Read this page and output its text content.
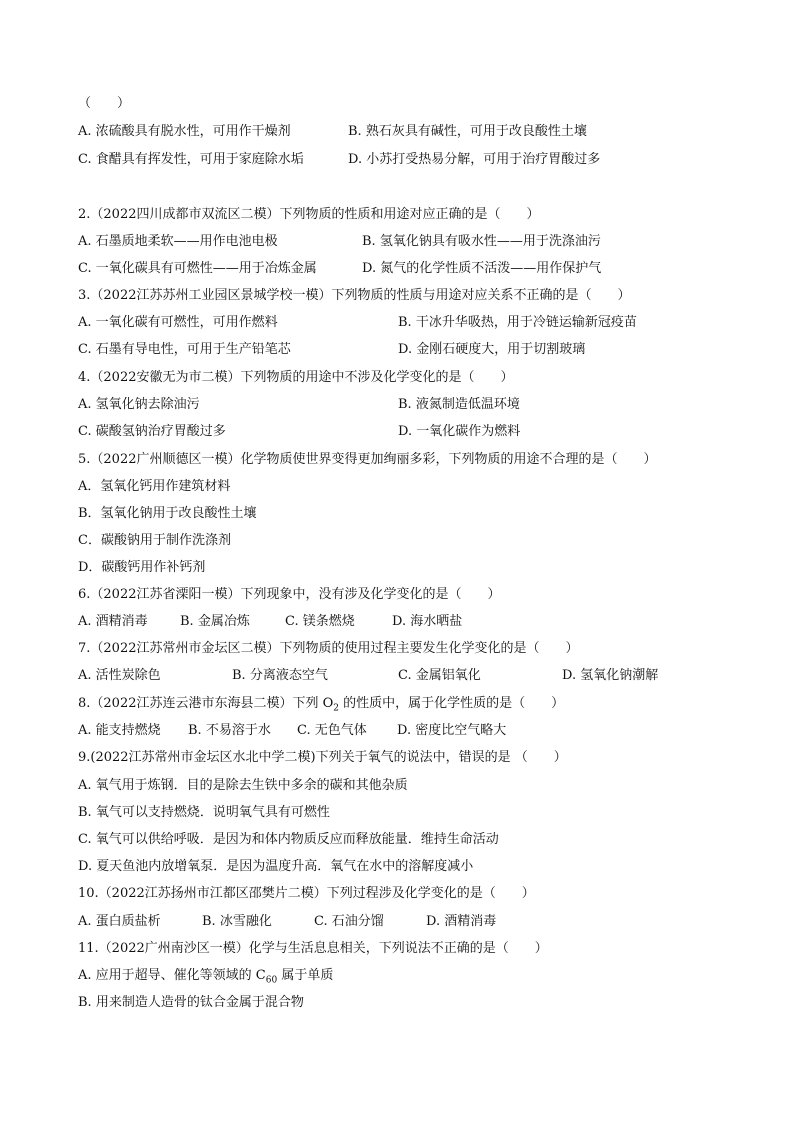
（　　）
A. 浓硫酸具有脱水性，可用作干燥剂	B. 熟石灰具有碱性，可用于改良酸性土壤
C. 食醋具有挥发性，可用于家庭除水垢	D. 小苏打受热易分解，可用于治疗胃酸过多
2.（2022四川成都市双流区二模）下列物质的性质和用途对应正确的是（　　）
A. 石墨质地柔软——用作电池电极	B. 氢氧化钠具有吸水性——用于洗涤油污
C. 一氧化碳具有可燃性——用于冶炼金属	D. 氮气的化学性质不活泼——用作保护气
3.（2022江苏苏州工业园区景城学校一模）下列物质的性质与用途对应关系不正确的是（　　）
A. 一氧化碳有可燃性，可用作燃料	B. 干冰升华吸热，用于冷链运输新冠疫苗
C. 石墨有导电性，可用于生产铅笔芯	D. 金刚石硬度大，用于切割玻璃
4.（2022安徽无为市二模）下列物质的用途中不涉及化学变化的是（　　）
A. 氢氧化钠去除油污	B. 液氮制造低温环境
C. 碳酸氢钠治疗胃酸过多	D. 一氧化碳作为燃料
5.（2022广州顺德区一模）化学物质使世界变得更加绚丽多彩，下列物质的用途不合理的是（　　）
A．氢氧化钙用作建筑材料
B．氢氧化钠用于改良酸性土壤
C．碳酸钠用于制作洗涤剂
D．碳酸钙用作补钙剂
6.（2022江苏省溧阳一模）下列现象中，没有涉及化学变化的是（　　）
A. 酒精消毒 B. 金属冶炼	C. 镁条燃烧	D. 海水晒盐
7.（2022江苏常州市金坛区二模）下列物质的使用过程主要发生化学变化的是（　　）
A. 活性炭除色	B. 分离液态空气	C. 金属铝氧化	D. 氢氧化钠潮解
8.（2022江苏连云港市东海县二模）下列 $O_2$ 的性质中，属于化学性质的是（　　）
A. 能支持燃烧 B. 不易溶于水 C. 无色气体 D. 密度比空气略大
9.(2022江苏常州市金坛区水北中学二模)下列关于氧气的说法中，错误的是 （　　）
A. 氧气用于炼钢．目的是除去生铁中多余的碳和其他杂质
B. 氧气可以支持燃烧．说明氧气具有可燃性
C. 氧气可以供给呼吸．是因为和体内物质反应而释放能量．维持生命活动
D. 夏天鱼池内放增氧泵．是因为温度升高．氧气在水中的溶解度减小
10.（2022江苏扬州市江都区邵樊片二模）下列过程涉及化学变化的是（　　）
A. 蛋白质盐析	B. 冰雪融化	C. 石油分馏	D. 酒精消毒
11.（2022广州南沙区一模）化学与生活息息相关，下列说法不正确的是（　　）
A. 应用于超导、催化等领域的 $C_{60}$ 属于单质
B. 用来制造人造骨的钛合金属于混合物
